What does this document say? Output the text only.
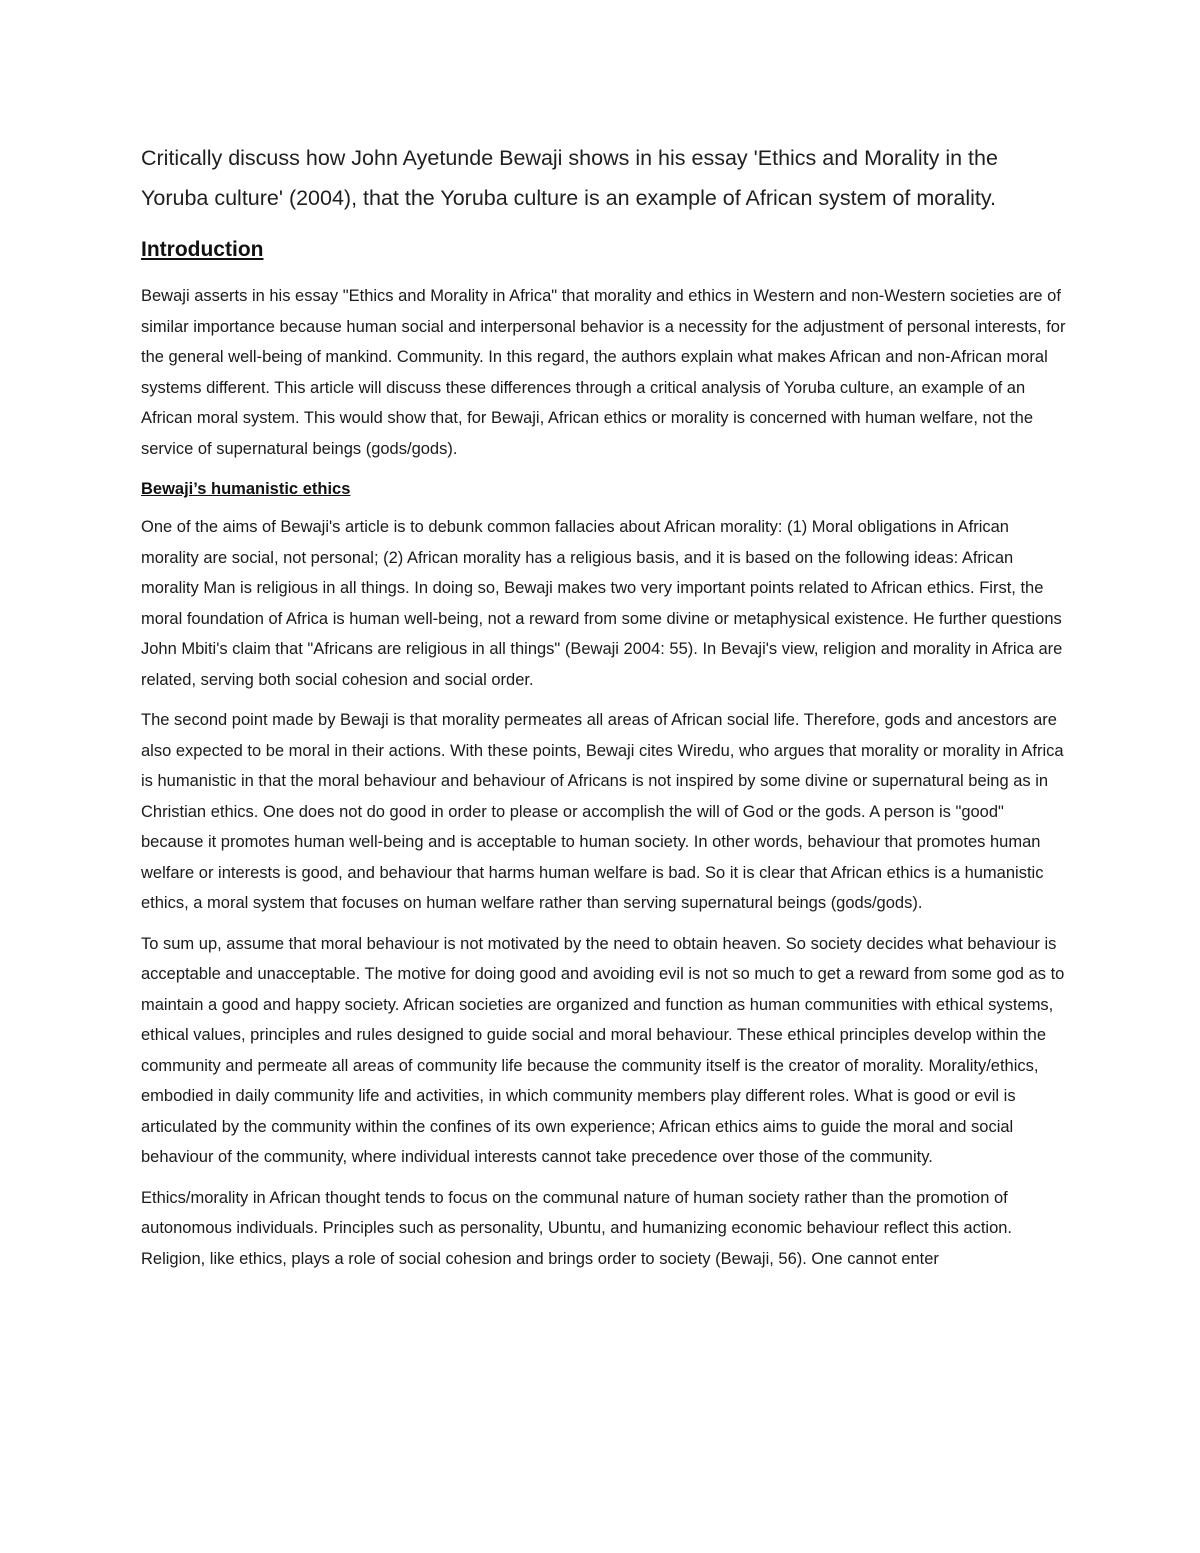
Critically discuss how John Ayetunde Bewaji shows in his essay 'Ethics and Morality in the Yoruba culture' (2004), that the Yoruba culture is an example of African system of morality.

Introduction

Bewaji asserts in his essay "Ethics and Morality in Africa" that morality and ethics in Western and non-Western societies are of similar importance because human social and interpersonal behavior is a necessity for the adjustment of personal interests, for the general well-being of mankind. Community. In this regard, the authors explain what makes African and non-African moral systems different. This article will discuss these differences through a critical analysis of Yoruba culture, an example of an African moral system. This would show that, for Bewaji, African ethics or morality is concerned with human welfare, not the service of supernatural beings (gods/gods).

Bewaji’s humanistic ethics

One of the aims of Bewaji's article is to debunk common fallacies about African morality: (1) Moral obligations in African morality are social, not personal; (2) African morality has a religious basis, and it is based on the following ideas: African morality Man is religious in all things. In doing so, Bewaji makes two very important points related to African ethics. First, the moral foundation of Africa is human well-being, not a reward from some divine or metaphysical existence. He further questions John Mbiti's claim that "Africans are religious in all things" (Bewaji 2004: 55). In Bevaji's view, religion and morality in Africa are related, serving both social cohesion and social order.

The second point made by Bewaji is that morality permeates all areas of African social life. Therefore, gods and ancestors are also expected to be moral in their actions. With these points, Bewaji cites Wiredu, who argues that morality or morality in Africa is humanistic in that the moral behaviour and behaviour of Africans is not inspired by some divine or supernatural being as in Christian ethics. One does not do good in order to please or accomplish the will of God or the gods. A person is "good" because it promotes human well-being and is acceptable to human society. In other words, behaviour that promotes human welfare or interests is good, and behaviour that harms human welfare is bad. So it is clear that African ethics is a humanistic ethics, a moral system that focuses on human welfare rather than serving supernatural beings (gods/gods).

To sum up, assume that moral behaviour is not motivated by the need to obtain heaven. So society decides what behaviour is acceptable and unacceptable. The motive for doing good and avoiding evil is not so much to get a reward from some god as to maintain a good and happy society. African societies are organized and function as human communities with ethical systems, ethical values, principles and rules designed to guide social and moral behaviour. These ethical principles develop within the community and permeate all areas of community life because the community itself is the creator of morality. Morality/ethics, embodied in daily community life and activities, in which community members play different roles. What is good or evil is articulated by the community within the confines of its own experience; African ethics aims to guide the moral and social behaviour of the community, where individual interests cannot take precedence over those of the community.

Ethics/morality in African thought tends to focus on the communal nature of human society rather than the promotion of autonomous individuals. Principles such as personality, Ubuntu, and humanizing economic behaviour reflect this action. Religion, like ethics, plays a role of social cohesion and brings order to society (Bewaji, 56). One cannot enter
